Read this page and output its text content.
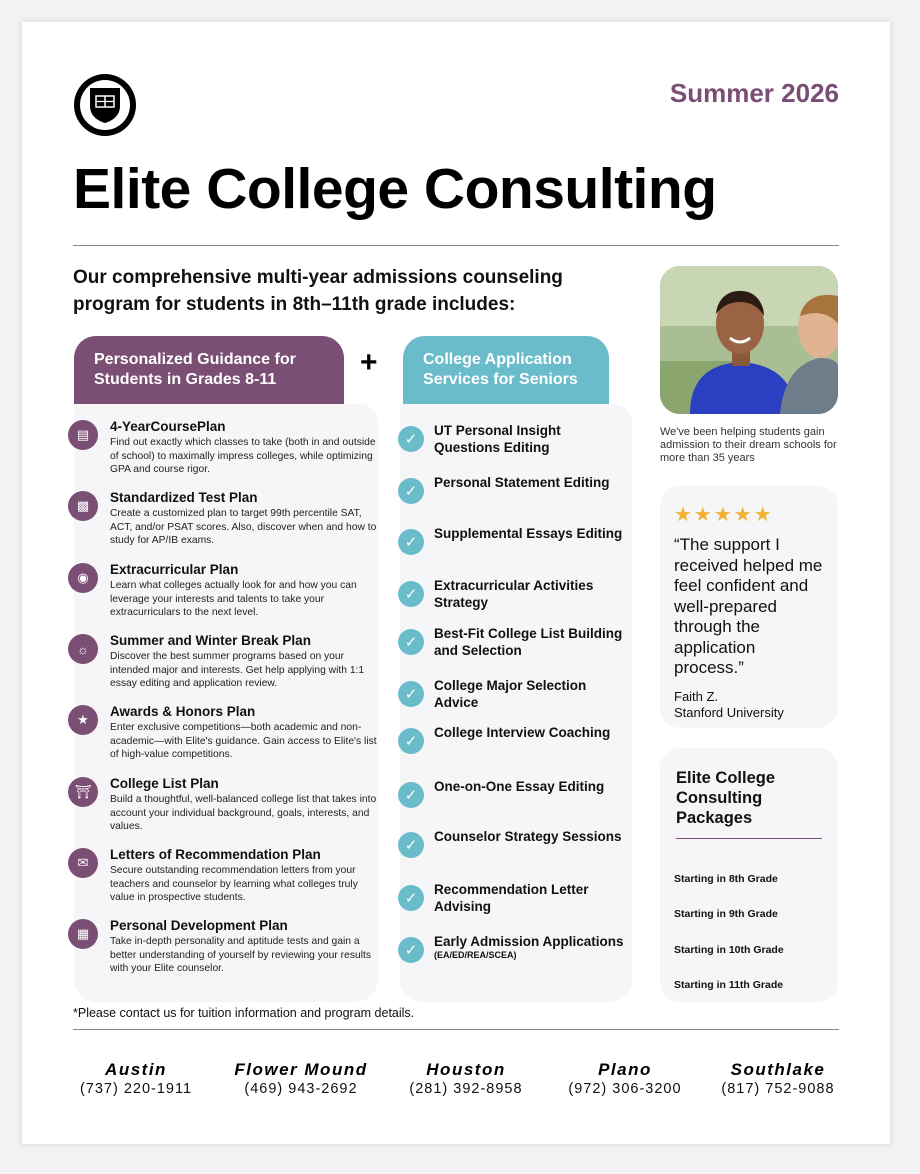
Summer 2026
Elite College Consulting

Our comprehensive multi-year admissions counseling program for students in 8th–11th grade includes:

We've been helping students gain admission to their dream schools for more than 35 years

Personalized Guidance for Students in Grades 8-11
+	College Application Services for Seniors
▤
4-YearCoursePlan
Find out exactly which classes to take (both in and outside of school) to maximally impress colleges, while optimizing GPA and course rigor.
▩
Standardized Test Plan
Create a customized plan to target 99th percentile SAT, ACT, and/or PSAT scores. Also, discover when and how to study for AP/IB exams.
◉
Extracurricular Plan
Learn what colleges actually look for and how you can leverage your interests and talents to take your extracurriculars to the next level.
☼
Summer and Winter Break Plan
Discover the best summer programs based on your intended major and interests. Get help applying with 1:1 essay editing and application review.
★
Awards & Honors Plan
Enter exclusive competitions—both academic and non-academic—with Elite's guidance. Gain access to Elite's list of high-value competitions.
⛩
College List Plan
Build a thoughtful, well-balanced college list that takes into account your individual background, goals, interests, and values.
✉
Letters of Recommendation Plan
Secure outstanding recommendation letters from your teachers and counselor by learning what colleges truly value in prospective students.
▦
Personal Development Plan
Take in-depth personality and aptitude tests and gain a better understanding of yourself by reviewing your results with your Elite counselor.
✓
UT Personal Insight Questions Editing
✓
Personal Statement Editing
✓
Supplemental Essays Editing
✓
Extracurricular Activities Strategy
✓
Best-Fit College List Building and Selection
✓
College Major Selection Advice
✓
College Interview Coaching
✓
One-on-One Essay Editing
✓
Counselor Strategy Sessions
✓
Recommendation Letter Advising
✓
Early Admission Applications
(EA/ED/REA/SCEA)
★★★★★

“The support I received helped me feel confident and well-prepared through the application process.”

Faith Z.
Stanford University
Elite College Consulting Packages
Starting in 8th Grade
Starting in 9th Grade
Starting in 10th Grade
Starting in 11th Grade

*Please contact us for tuition information and program details.

Austin
(737) 220-1911
Flower Mound
(469) 943-2692
Houston
(281) 392-8958
Plano
(972) 306-3200
Southlake
(817) 752-9088
